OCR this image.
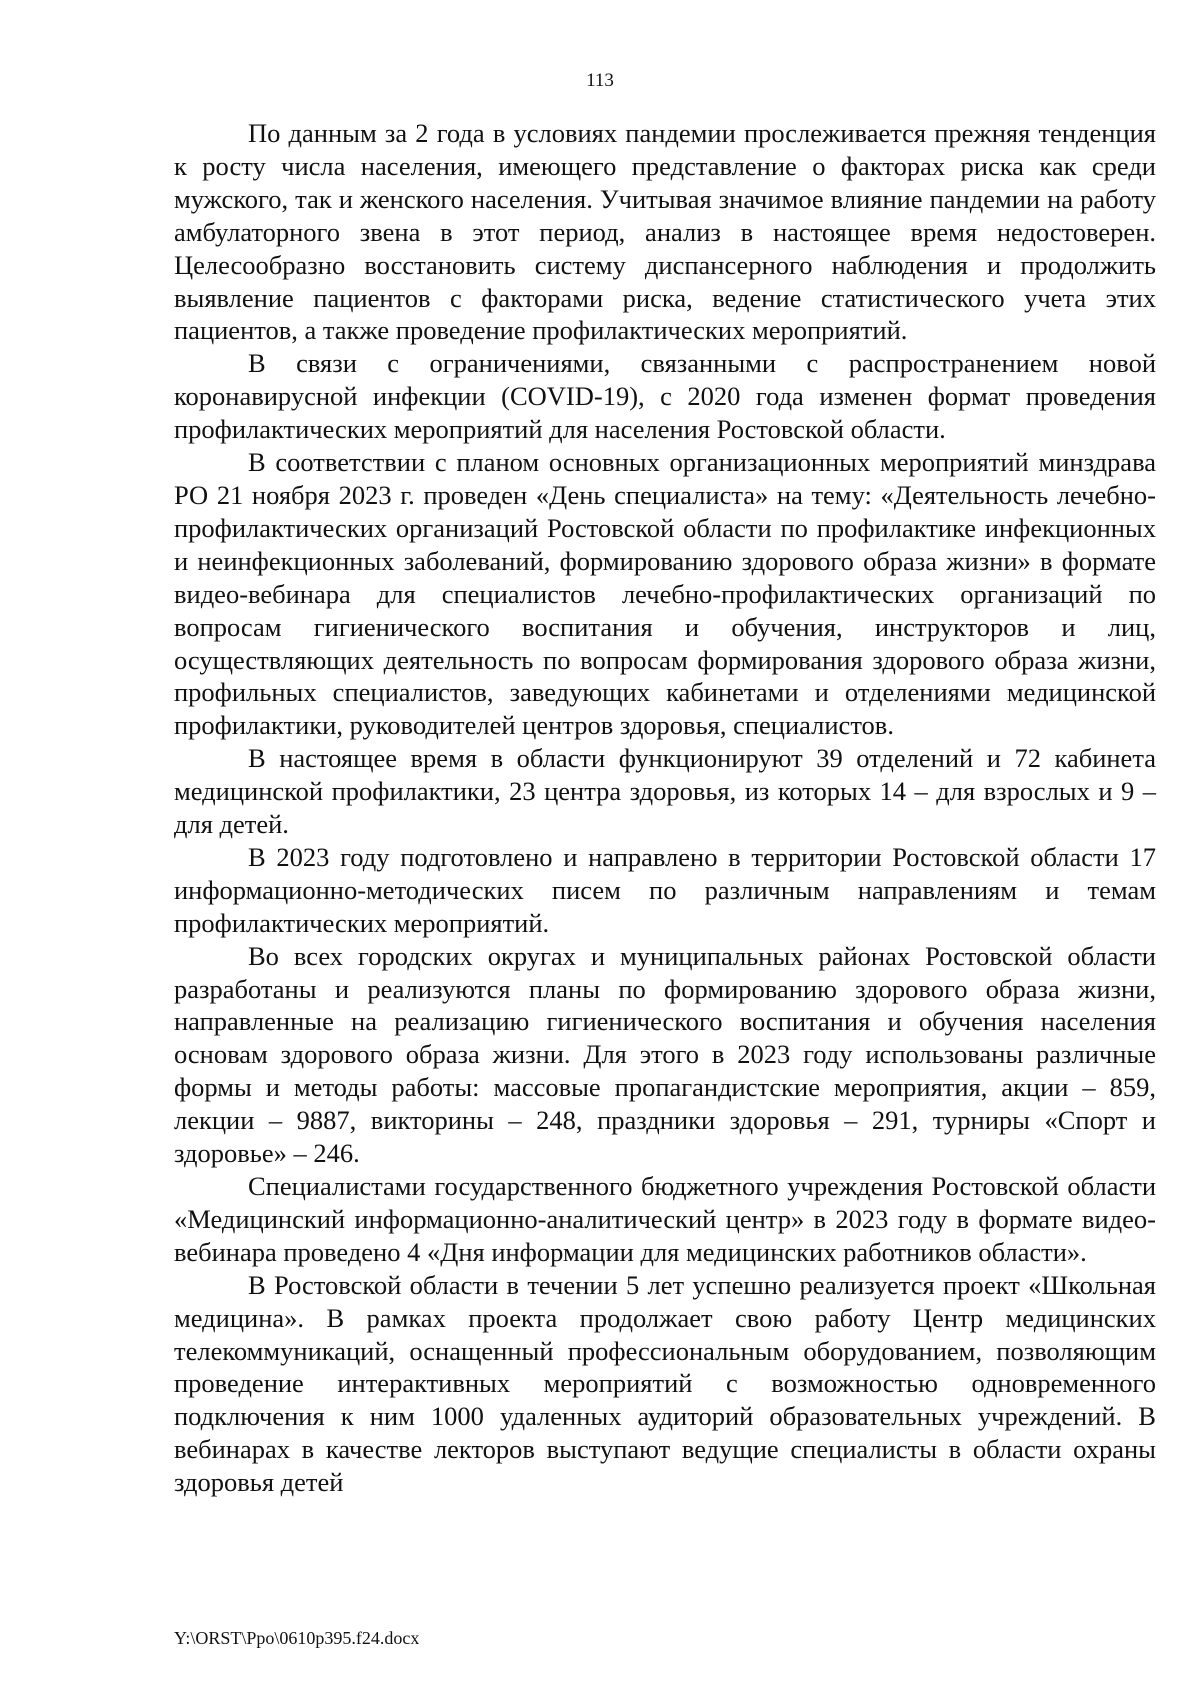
113

По данным за 2 года в условиях пандемии прослеживается прежняя тенденция к росту числа населения, имеющего представление о факторах риска как среди мужского, так и женского населения. Учитывая значимое влияние пандемии на работу амбулаторного звена в этот период, анализ в настоящее время недостоверен. Целесообразно восстановить систему диспансерного наблюдения и продолжить выявление пациентов с факторами риска, ведение статистического учета этих пациентов, а также проведение профилактических мероприятий.

В связи с ограничениями, связанными с распространением новой коронавирусной инфекции (COVID-19), с 2020 года изменен формат проведения профилактических мероприятий для населения Ростовской области.

В соответствии с планом основных организационных мероприятий минздрава РО 21 ноября 2023 г. проведен «День специалиста» на тему: «Деятельность лечебно-профилактических организаций Ростовской области по профилактике инфекционных и неинфекционных заболеваний, формированию здорового образа жизни» в формате видео-вебинара для специалистов лечебно-профилактических организаций по вопросам гигиенического воспитания и обучения, инструкторов и лиц, осуществляющих деятельность по вопросам формирования здорового образа жизни, профильных специалистов, заведующих кабинетами и отделениями медицинской профилактики, руководителей центров здоровья, специалистов.

В настоящее время в области функционируют 39 отделений и 72 кабинета медицинской профилактики, 23 центра здоровья, из которых 14 – для взрослых и 9 – для детей.

В 2023 году подготовлено и направлено в территории Ростовской области 17 информационно-методических писем по различным направлениям и темам профилактических мероприятий.

Во всех городских округах и муниципальных районах Ростовской области разработаны и реализуются планы по формированию здорового образа жизни, направленные на реализацию гигиенического воспитания и обучения населения основам здорового образа жизни. Для этого в 2023 году использованы различные формы и методы работы: массовые пропагандистские мероприятия, акции – 859, лекции – 9887, викторины – 248, праздники здоровья – 291, турниры «Спорт и здоровье» – 246.

Специалистами государственного бюджетного учреждения Ростовской области «Медицинский информационно-аналитический центр» в 2023 году в формате видео-вебинара проведено 4 «Дня информации для медицинских работников области».

В Ростовской области в течении 5 лет успешно реализуется проект «Школьная медицина». В рамках проекта продолжает свою работу Центр медицинских телекоммуникаций, оснащенный профессиональным оборудованием, позволяющим проведение интерактивных мероприятий с возможностью одновременного подключения к ним 1000 удаленных аудиторий образовательных учреждений. В вебинарах в качестве лекторов выступают ведущие специалисты в области охраны здоровья детей

Y:\ORST\Ppo\0610p395.f24.docx
